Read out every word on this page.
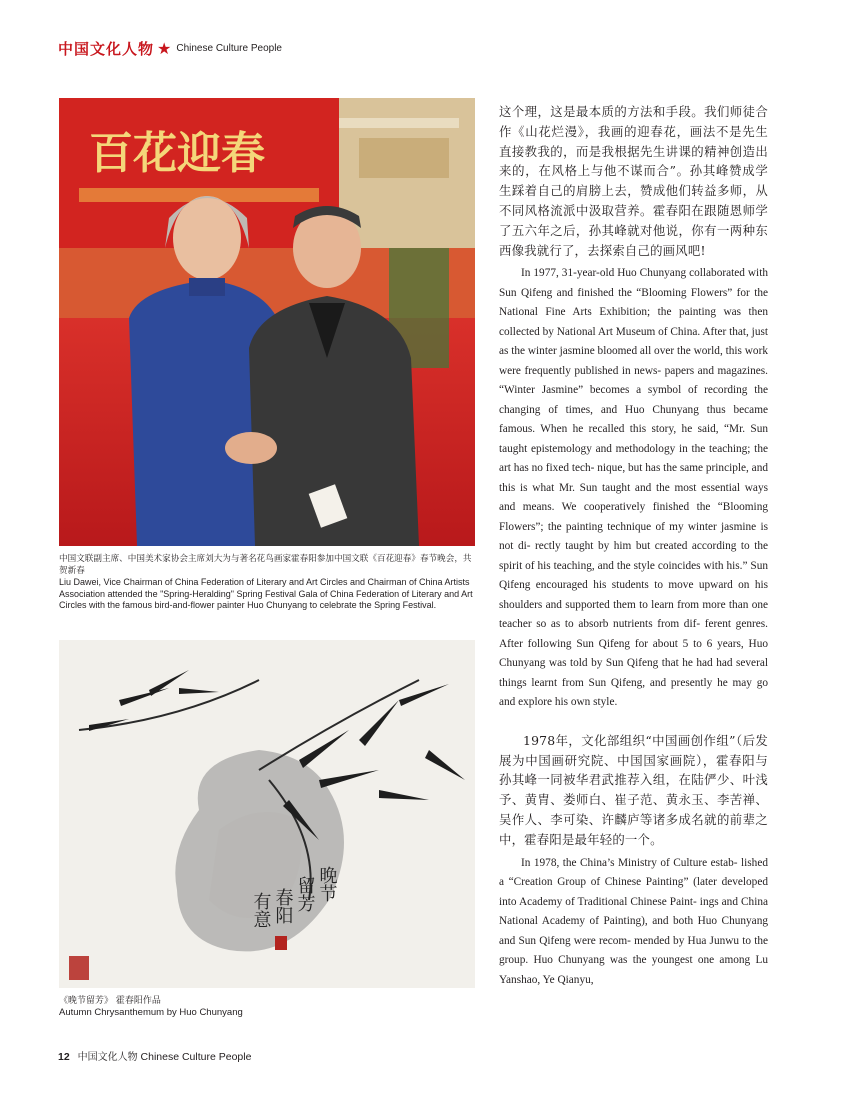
中国文化人物 ★ Chinese Culture People
百花迎春
中国文联副主席、中国美术家协会主席刘大为与著名花鸟画家霍春阳参加中国文联《百花迎春》春节晚会，共贺新春
Liu Dawei, Vice Chairman of China Federation of Literary and Art Circles and Chairman of China Artists Association attended the "Spring-Heralding" Spring Festival Gala of China Federation of Literary and Art Circles with the famous bird-and-flower painter Huo Chunyang to celebrate the Spring Festival.
晚节
留芳
春阳
有意
《晚节留芳》 霍春阳作品
Autumn Chrysanthemum by Huo Chunyang

这个理，这是最本质的方法和手段。我们师徒合作《山花烂漫》，我画的迎春花，画法不是先生直接教我的，而是我根据先生讲课的精神创造出来的，在风格上与他不谋而合”。孙其峰赞成学生踩着自己的肩膀上去，赞成他们转益多师，从不同风格流派中汲取营养。霍春阳在跟随恩师学了五六年之后，孙其峰就对他说，你有一两种东西像我就行了，去探索自己的画风吧!

In 1977, 31-year-old Huo Chunyang collaborated with Sun Qifeng and finished the “Blooming Flowers” for the National Fine Arts Exhibition; the painting was then collected by National Art Museum of China. After that, just as the winter jasmine bloomed all over the world, this work were frequently published in news- papers and magazines. “Winter Jasmine” becomes a symbol of recording the changing of times, and Huo Chunyang thus became famous. When he recalled this story, he said, “Mr. Sun taught epistemology and methodology in the teaching; the art has no fixed tech- nique, but has the same principle, and this is what Mr. Sun taught and the most essential ways and means. We cooperatively finished the “Blooming Flowers”; the painting technique of my winter jasmine is not di- rectly taught by him but created according to the spirit of his teaching, and the style coincides with his.” Sun Qifeng encouraged his students to move upward on his shoulders and supported them to learn from more than one teacher so as to absorb nutrients from dif- ferent genres. After following Sun Qifeng for about 5 to 6 years, Huo Chunyang was told by Sun Qifeng that he had had several things learnt from Sun Qifeng, and presently he may go and explore his own style.

1978年，文化部组织“中国画创作组”（后发展为中国画研究院、中国国家画院），霍春阳与孙其峰一同被华君武推荐入组，在陆俨少、叶浅予、黄胄、娄师白、崔子范、黄永玉、李苦禅、吴作人、李可染、许麟庐等诸多成名就的前辈之中，霍春阳是最年轻的一个。

In 1978, the China’s Ministry of Culture estab- lished a “Creation Group of Chinese Painting” (later developed into Academy of Traditional Chinese Paint- ings and China National Academy of Painting), and both Huo Chunyang and Sun Qifeng were recom- mended by Hua Junwu to the group. Huo Chunyang was the youngest one among Lu Yanshao, Ye Qianyu,

12 中国文化人物 Chinese Culture People
